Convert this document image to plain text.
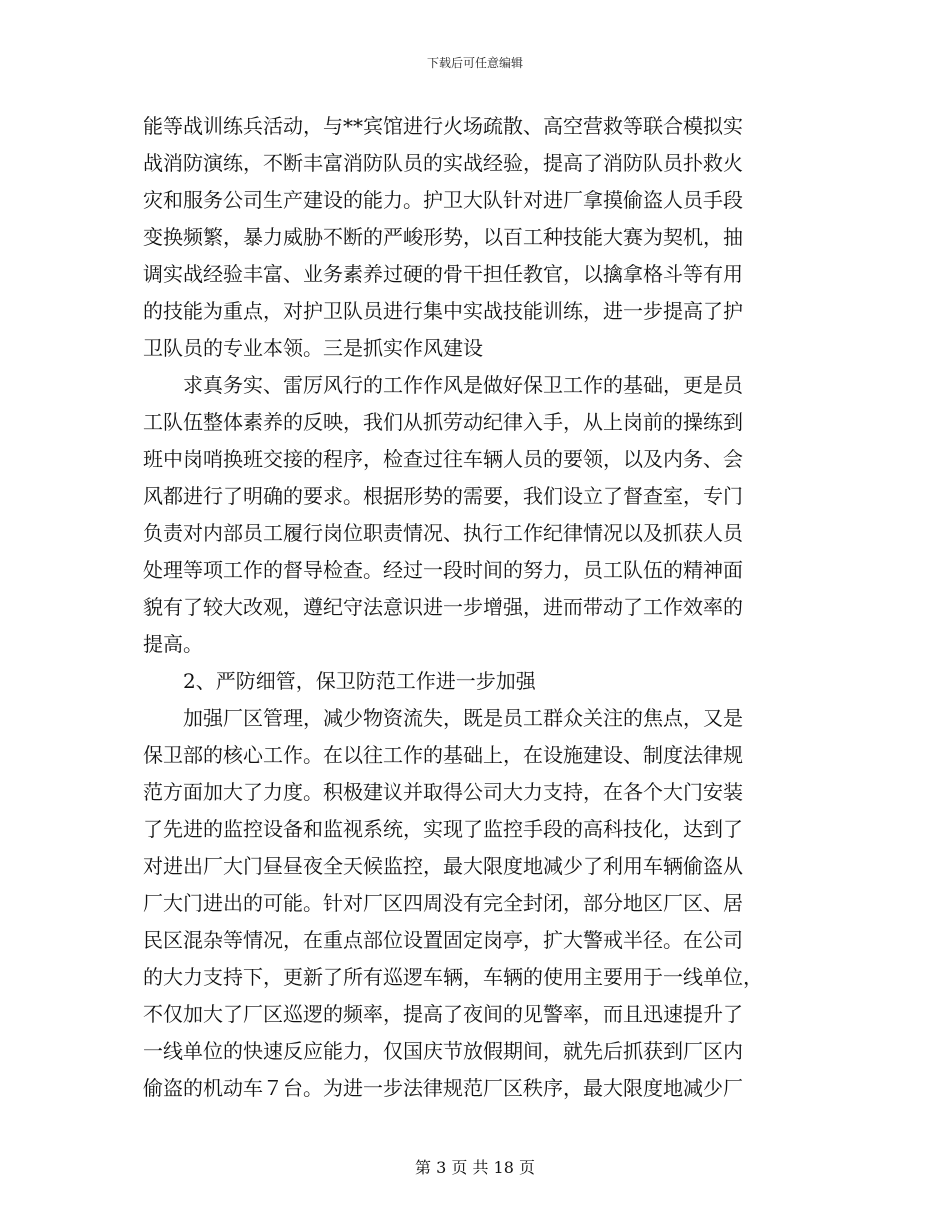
下载后可任意编辑
能等战训练兵活动，与**宾馆进行火场疏散、高空营救等联合模拟实
战消防演练，不断丰富消防队员的实战经验，提高了消防队员扑救火
灾和服务公司生产建设的能力。护卫大队针对进厂拿摸偷盗人员手段
变换频繁，暴力威胁不断的严峻形势，以百工种技能大赛为契机，抽
调实战经验丰富、业务素养过硬的骨干担任教官，以擒拿格斗等有用
的技能为重点，对护卫队员进行集中实战技能训练，进一步提高了护
卫队员的专业本领。三是抓实作风建设
　　求真务实、雷厉风行的工作作风是做好保卫工作的基础，更是员
工队伍整体素养的反映，我们从抓劳动纪律入手，从上岗前的操练到
班中岗哨换班交接的程序，检查过往车辆人员的要领，以及内务、会
风都进行了明确的要求。根据形势的需要，我们设立了督查室，专门
负责对内部员工履行岗位职责情况、执行工作纪律情况以及抓获人员
处理等项工作的督导检查。经过一段时间的努力，员工队伍的精神面
貌有了较大改观，遵纪守法意识进一步增强，进而带动了工作效率的
提高。
　　2、严防细管，保卫防范工作进一步加强
　　加强厂区管理，减少物资流失，既是员工群众关注的焦点，又是
保卫部的核心工作。在以往工作的基础上，在设施建设、制度法律规
范方面加大了力度。积极建议并取得公司大力支持，在各个大门安装
了先进的监控设备和监视系统，实现了监控手段的高科技化，达到了
对进出厂大门昼昼夜全天候监控，最大限度地减少了利用车辆偷盗从
厂大门进出的可能。针对厂区四周没有完全封闭，部分地区厂区、居
民区混杂等情况，在重点部位设置固定岗亭，扩大警戒半径。在公司
的大力支持下，更新了所有巡逻车辆，车辆的使用主要用于一线单位，
不仅加大了厂区巡逻的频率，提高了夜间的见警率，而且迅速提升了
一线单位的快速反应能力，仅国庆节放假期间，就先后抓获到厂区内
偷盗的机动车７台。为进一步法律规范厂区秩序，最大限度地减少厂
第 3 页 共 18 页
